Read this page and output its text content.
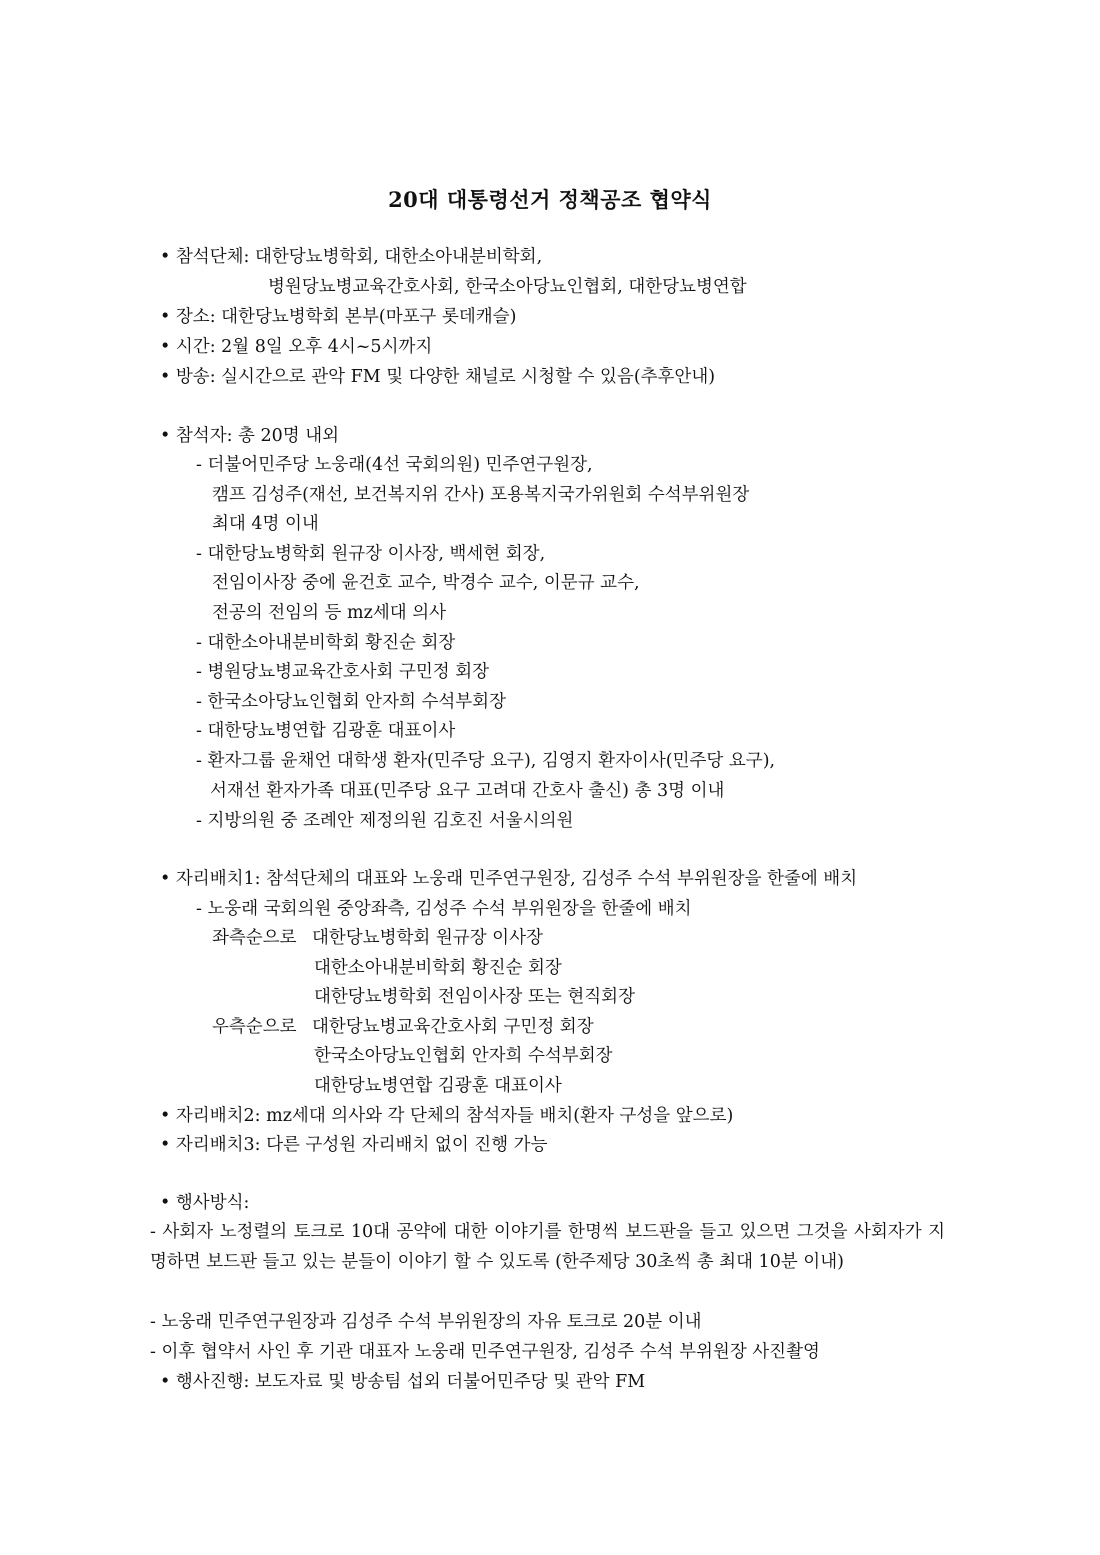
20대 대통령선거 정책공조 협약식
• 참석단체: 대한당뇨병학회, 대한소아내분비학회,
병원당뇨병교육간호사회, 한국소아당뇨인협회, 대한당뇨병연합
• 장소: 대한당뇨병학회 본부(마포구 롯데캐슬)
• 시간: 2월 8일 오후 4시~5시까지
• 방송: 실시간으로 관악 FM 및 다양한 채널로 시청할 수 있음(추후안내)
• 참석자: 총 20명 내외
- 더불어민주당 노웅래(4선 국회의원) 민주연구원장,
캠프 김성주(재선, 보건복지위 간사) 포용복지국가위원회 수석부위원장
최대 4명 이내
- 대한당뇨병학회 원규장 이사장, 백세현 회장,
전임이사장 중에 윤건호 교수, 박경수 교수, 이문규 교수,
전공의 전임의 등 mz세대 의사
- 대한소아내분비학회 황진순 회장
- 병원당뇨병교육간호사회 구민정 회장
- 한국소아당뇨인협회 안자희 수석부회장
- 대한당뇨병연합 김광훈 대표이사
- 환자그룹 윤채언 대학생 환자(민주당 요구), 김영지 환자이사(민주당 요구),
서재선 환자가족 대표(민주당 요구 고려대 간호사 출신) 총 3명 이내
- 지방의원 중 조례안 제정의원 김호진 서울시의원
• 자리배치1: 참석단체의 대표와 노웅래 민주연구원장, 김성주 수석 부위원장을 한줄에 배치
- 노웅래 국회의원 중앙좌측, 김성주 수석 부위원장을 한줄에 배치
좌측순으로 대한당뇨병학회 원규장 이사장
대한소아내분비학회 황진순 회장
대한당뇨병학회 전임이사장 또는 현직회장
우측순으로 대한당뇨병교육간호사회 구민정 회장
한국소아당뇨인협회 안자희 수석부회장
대한당뇨병연합 김광훈 대표이사
• 자리배치2: mz세대 의사와 각 단체의 참석자들 배치(환자 구성을 앞으로)
• 자리배치3: 다른 구성원 자리배치 없이 진행 가능
• 행사방식:
- 사회자 노정렬의 토크로 10대 공약에 대한 이야기를 한명씩 보드판을 들고 있으면 그것을 사회자가 지명하면 보드판 들고 있는 분들이 이야기 할 수 있도록 (한주제당 30초씩 총 최대 10분 이내)
- 노웅래 민주연구원장과 김성주 수석 부위원장의 자유 토크로 20분 이내
- 이후 협약서 사인 후 기관 대표자 노웅래 민주연구원장, 김성주 수석 부위원장 사진촬영
• 행사진행: 보도자료 및 방송팀 섭외 더불어민주당 및 관악 FM
